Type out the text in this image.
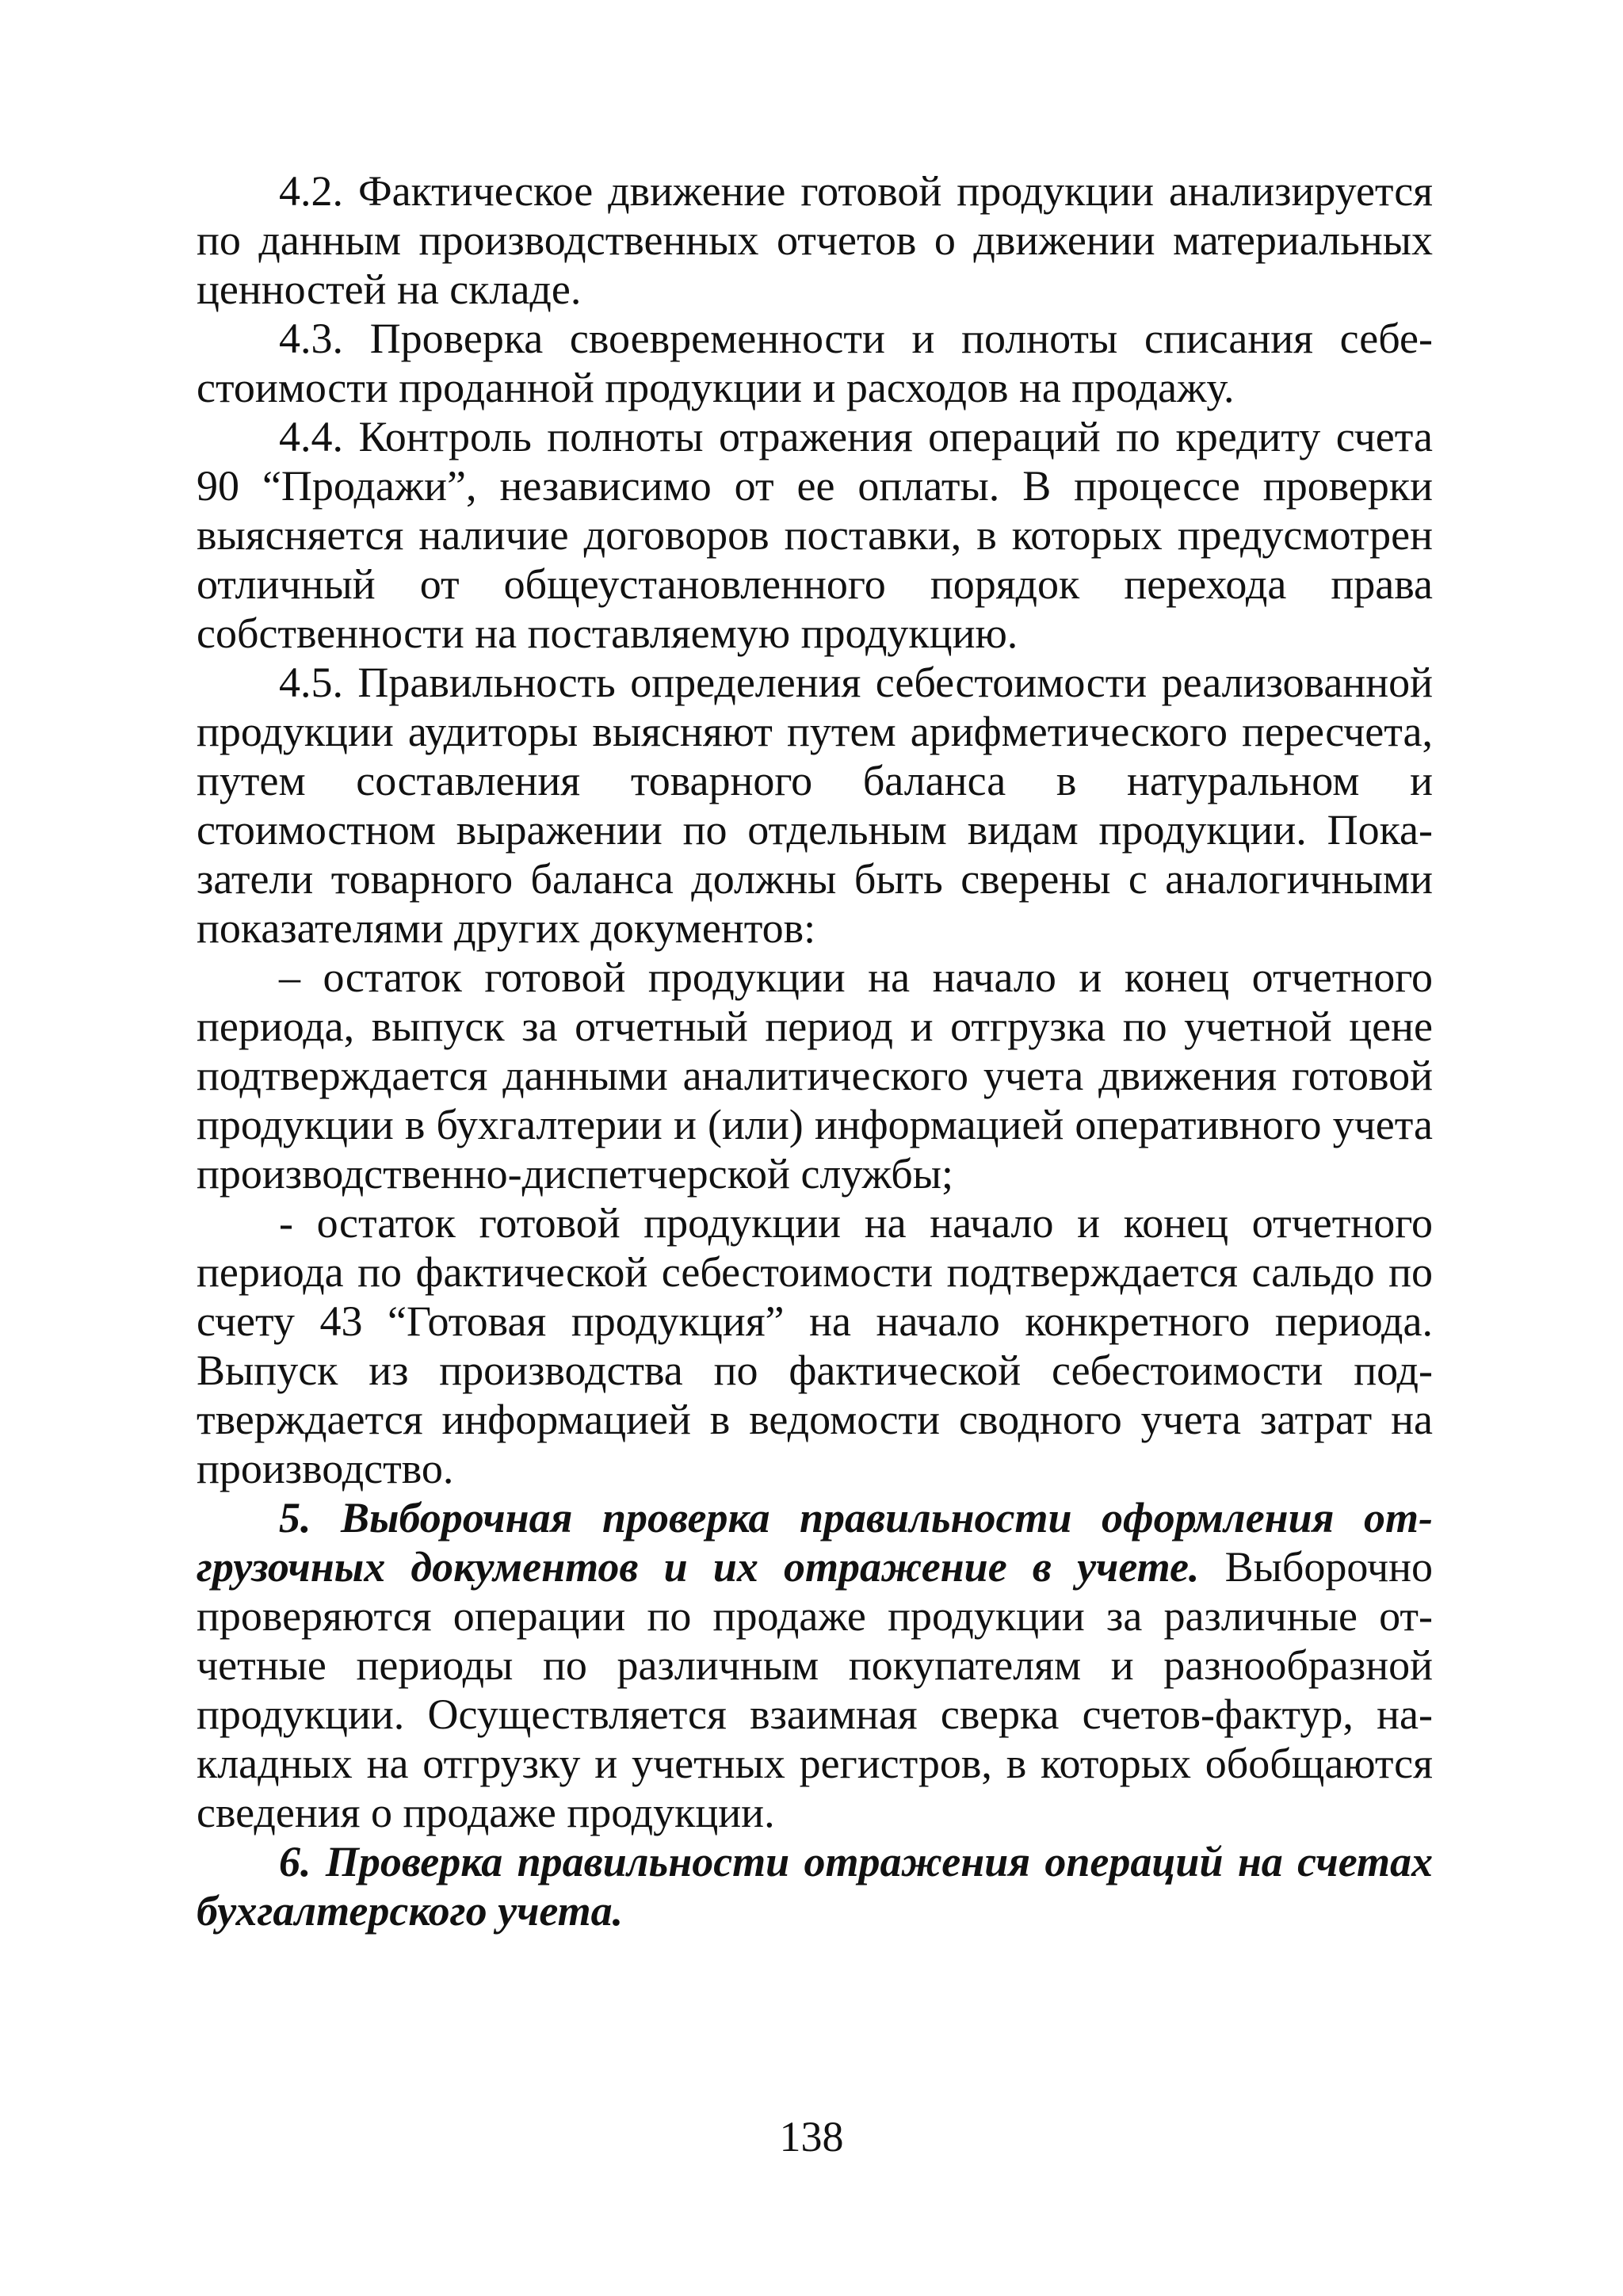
4.2. Фактическое движение готовой продукции анализируется по данным производственных отчетов о движении материальных ценностей на складе.

4.3. Проверка своевременности и полноты списания себестоимости проданной продукции и расходов на продажу.

4.4. Контроль полноты отражения операций по кредиту счета 90 “Продажи”, независимо от ее оплаты. В процессе проверки выясняется наличие договоров поставки, в которых предусмотрен отличный от общеустановленного порядок перехода права собственности на поставляемую продукцию.

4.5. Правильность определения себестоимости реализованной продукции аудиторы выясняют путем арифметического пересчета, путем составления товарного баланса в натуральном и стоимостном выражении по отдельным видам продукции. Показатели товарного баланса должны быть сверены с аналогичными показателями других документов:

– остаток готовой продукции на начало и конец отчетного периода, выпуск за отчетный период и отгрузка по учетной цене подтверждается данными аналитического учета движения готовой продукции в бухгалтерии и (или) информацией оперативного учета производственно-диспетчерской службы;

- остаток готовой продукции на начало и конец отчетного периода по фактической себестоимости подтверждается сальдо по счету 43 “Готовая продукция” на начало конкретного периода. Выпуск из производства по фактической себестоимости подтверждается информацией в ведомости сводного учета затрат на производство.

5. Выборочная проверка правильности оформления отгрузочных документов и их отражение в учете. Выборочно проверяются операции по продаже продукции за различные отчетные периоды по различным покупателям и разнообразной продукции. Осуществляется взаимная сверка счетов-фактур, накладных на отгрузку и учетных регистров, в которых обобщаются сведения о продаже продукции.

6. Проверка правильности отражения операций на счетах бухгалтерского учета.

138
